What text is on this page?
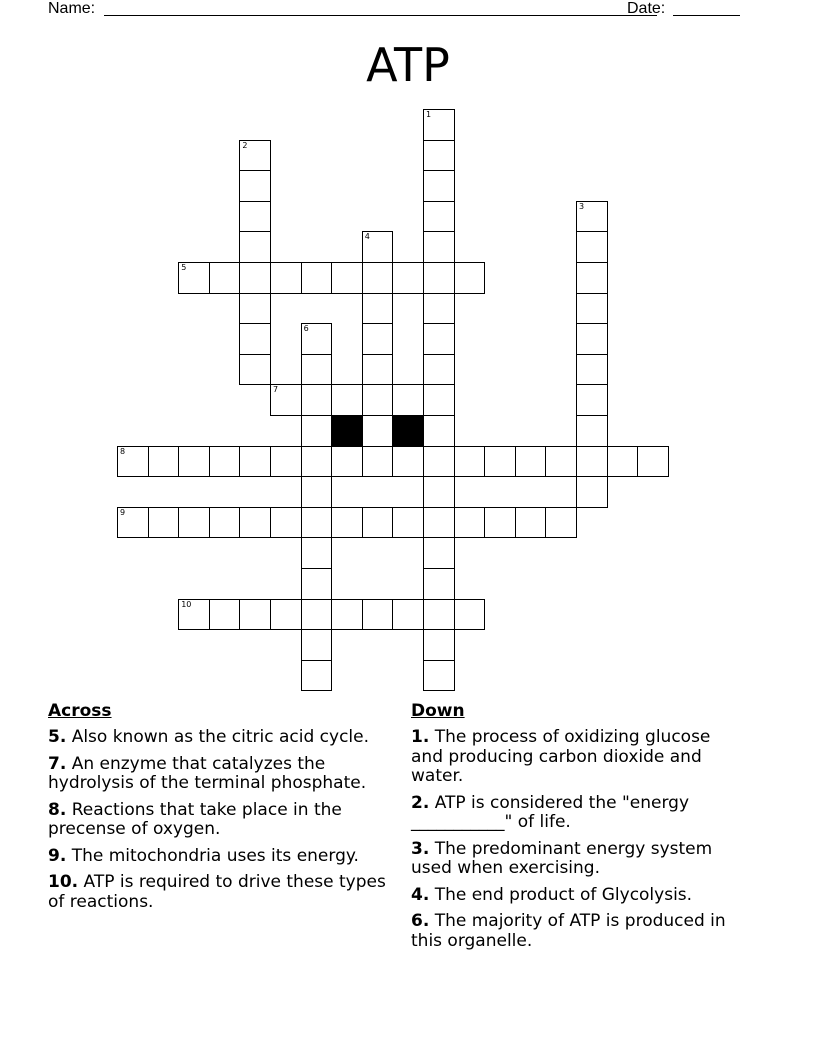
Name:	Date:
ATP
1
2
3
4
5
6
7
8
9
10
Across
5. Also known as the citric acid cycle.
7. An enzyme that catalyzes the hydrolysis of the terminal phosphate.
8. Reactions that take place in the precense of oxygen.
9. The mitochondria uses its energy.
10. ATP is required to drive these types of reactions.
Down
1. The process of oxidizing glucose and producing carbon dioxide and water.
2. ATP is considered the "energy ___________" of life.
3. The predominant energy system used when exercising.
4. The end product of Glycolysis.
6. The majority of ATP is produced in this organelle.
